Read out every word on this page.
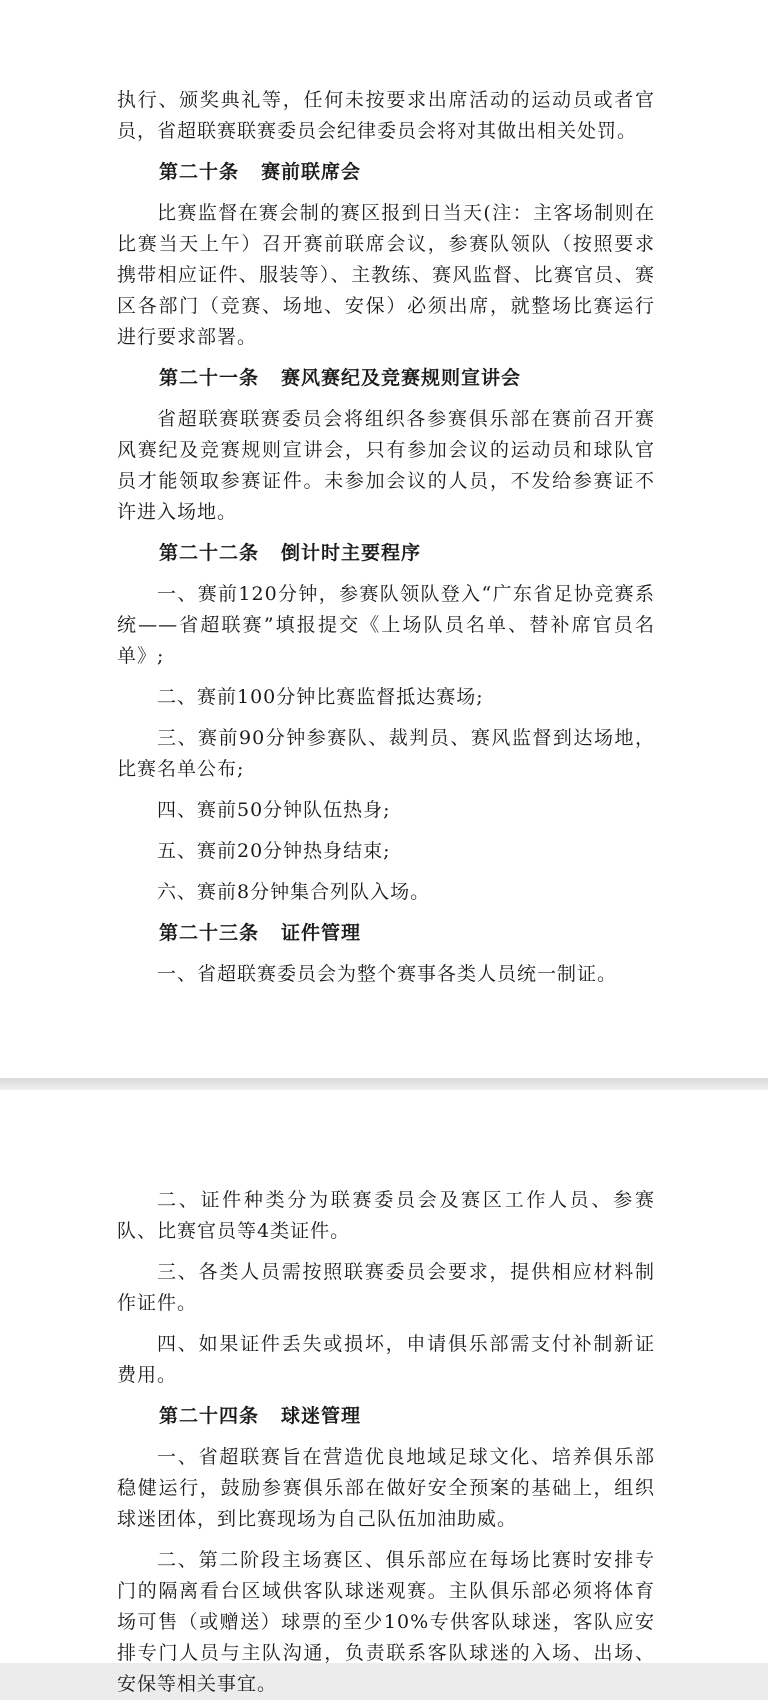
执行、颁奖典礼等，任何未按要求出席活动的运动员或者官员，省超联赛联赛委员会纪律委员会将对其做出相关处罚。

第二十条 赛前联席会

比赛监督在赛会制的赛区报到日当天(注：主客场制则在比赛当天上午）召开赛前联席会议，参赛队领队（按照要求携带相应证件、服装等）、主教练、赛风监督、比赛官员、赛区各部门（竞赛、场地、安保）必须出席，就整场比赛运行进行要求部署。

第二十一条 赛风赛纪及竞赛规则宣讲会

省超联赛联赛委员会将组织各参赛俱乐部在赛前召开赛风赛纪及竞赛规则宣讲会，只有参加会议的运动员和球队官员才能领取参赛证件。未参加会议的人员，不发给参赛证不许进入场地。

第二十二条 倒计时主要程序

一、赛前120分钟，参赛队领队登入“广东省足协竞赛系统——省超联赛”填报提交《上场队员名单、替补席官员名单》;

二、赛前100分钟比赛监督抵达赛场;

三、赛前90分钟参赛队、裁判员、赛风监督到达场地，比赛名单公布;

四、赛前50分钟队伍热身;

五、赛前20分钟热身结束;

六、赛前8分钟集合列队入场。

第二十三条 证件管理

一、省超联赛委员会为整个赛事各类人员统一制证。

二、证件种类分为联赛委员会及赛区工作人员、参赛队、比赛官员等4类证件。

三、各类人员需按照联赛委员会要求，提供相应材料制作证件。

四、如果证件丢失或损坏，申请俱乐部需支付补制新证费用。

第二十四条 球迷管理

一、省超联赛旨在营造优良地域足球文化、培养俱乐部稳健运行，鼓励参赛俱乐部在做好安全预案的基础上，组织球迷团体，到比赛现场为自己队伍加油助威。

二、第二阶段主场赛区、俱乐部应在每场比赛时安排专门的隔离看台区域供客队球迷观赛。主队俱乐部必须将体育场可售（或赠送）球票的至少10%专供客队球迷，客队应安排专门人员与主队沟通，负责联系客队球迷的入场、出场、安保等相关事宜。
